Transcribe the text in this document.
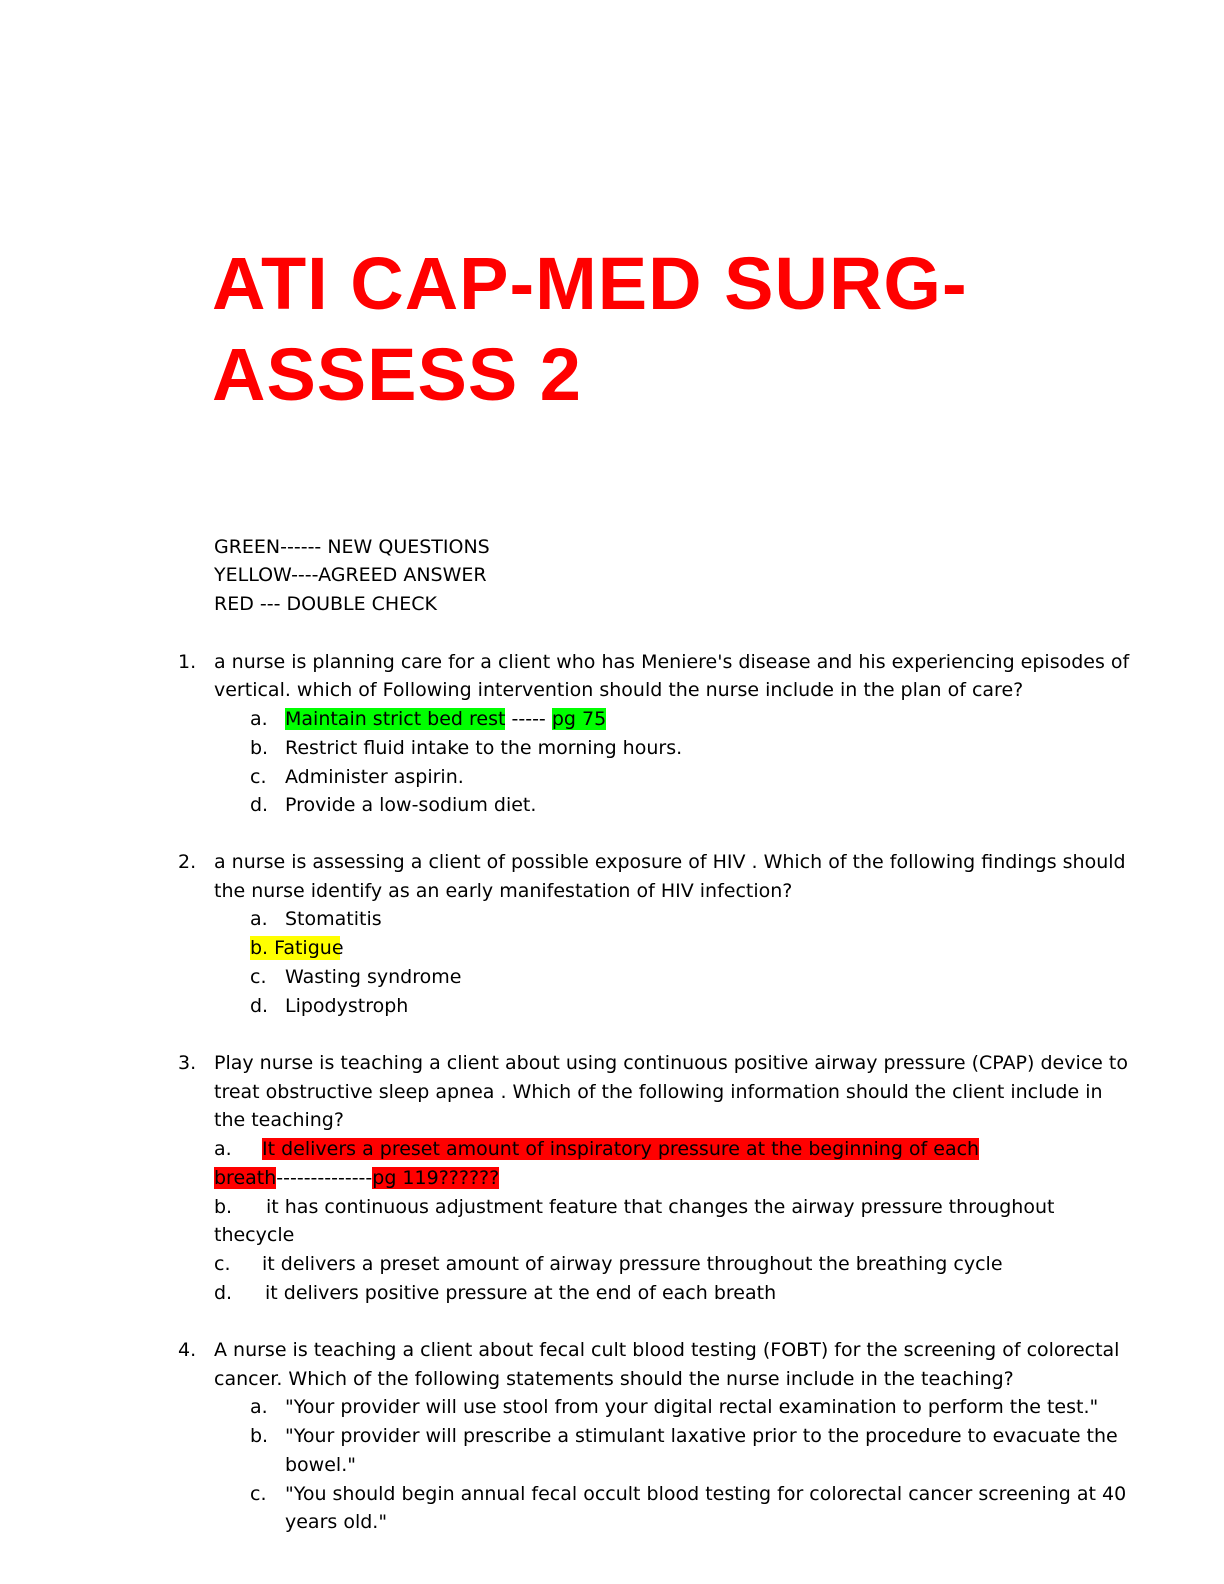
ATI CAP-MED SURG-
ASSESS 2
GREEN------ NEW QUESTIONS
YELLOW----AGREED ANSWER
RED --- DOUBLE CHECK
1. a nurse is planning care for a client who has Meniere's disease and his experiencing episodes of
vertical. which of Following intervention should the nurse include in the plan of care?
a. Maintain strict bed rest ----- pg 75
b. Restrict fluid intake to the morning hours.
c. Administer aspirin.
d. Provide a low-sodium diet.
2. a nurse is assessing a client of possible exposure of HIV . Which of the following findings should
the nurse identify as an early manifestation of HIV infection?
a. Stomatitis
b. Fatigue
c. Wasting syndrome
d. Lipodystroph
3. Play nurse is teaching a client about using continuous positive airway pressure (CPAP) device to
treat obstructive sleep apnea . Which of the following information should the client include in
the teaching?
a. It delivers a preset amount of inspiratory pressure at the beginning of each
breath--------------pg 119??????
b. it has continuous adjustment feature that changes the airway pressure throughout
thecycle
c. it delivers a preset amount of airway pressure throughout the breathing cycle
d. it delivers positive pressure at the end of each breath
4. A nurse is teaching a client about fecal cult blood testing (FOBT) for the screening of colorectal
cancer. Which of the following statements should the nurse include in the teaching?
a. "Your provider will use stool from your digital rectal examination to perform the test."
b. "Your provider will prescribe a stimulant laxative prior to the procedure to evacuate the
bowel."
c. "You should begin annual fecal occult blood testing for colorectal cancer screening at 40
years old."
